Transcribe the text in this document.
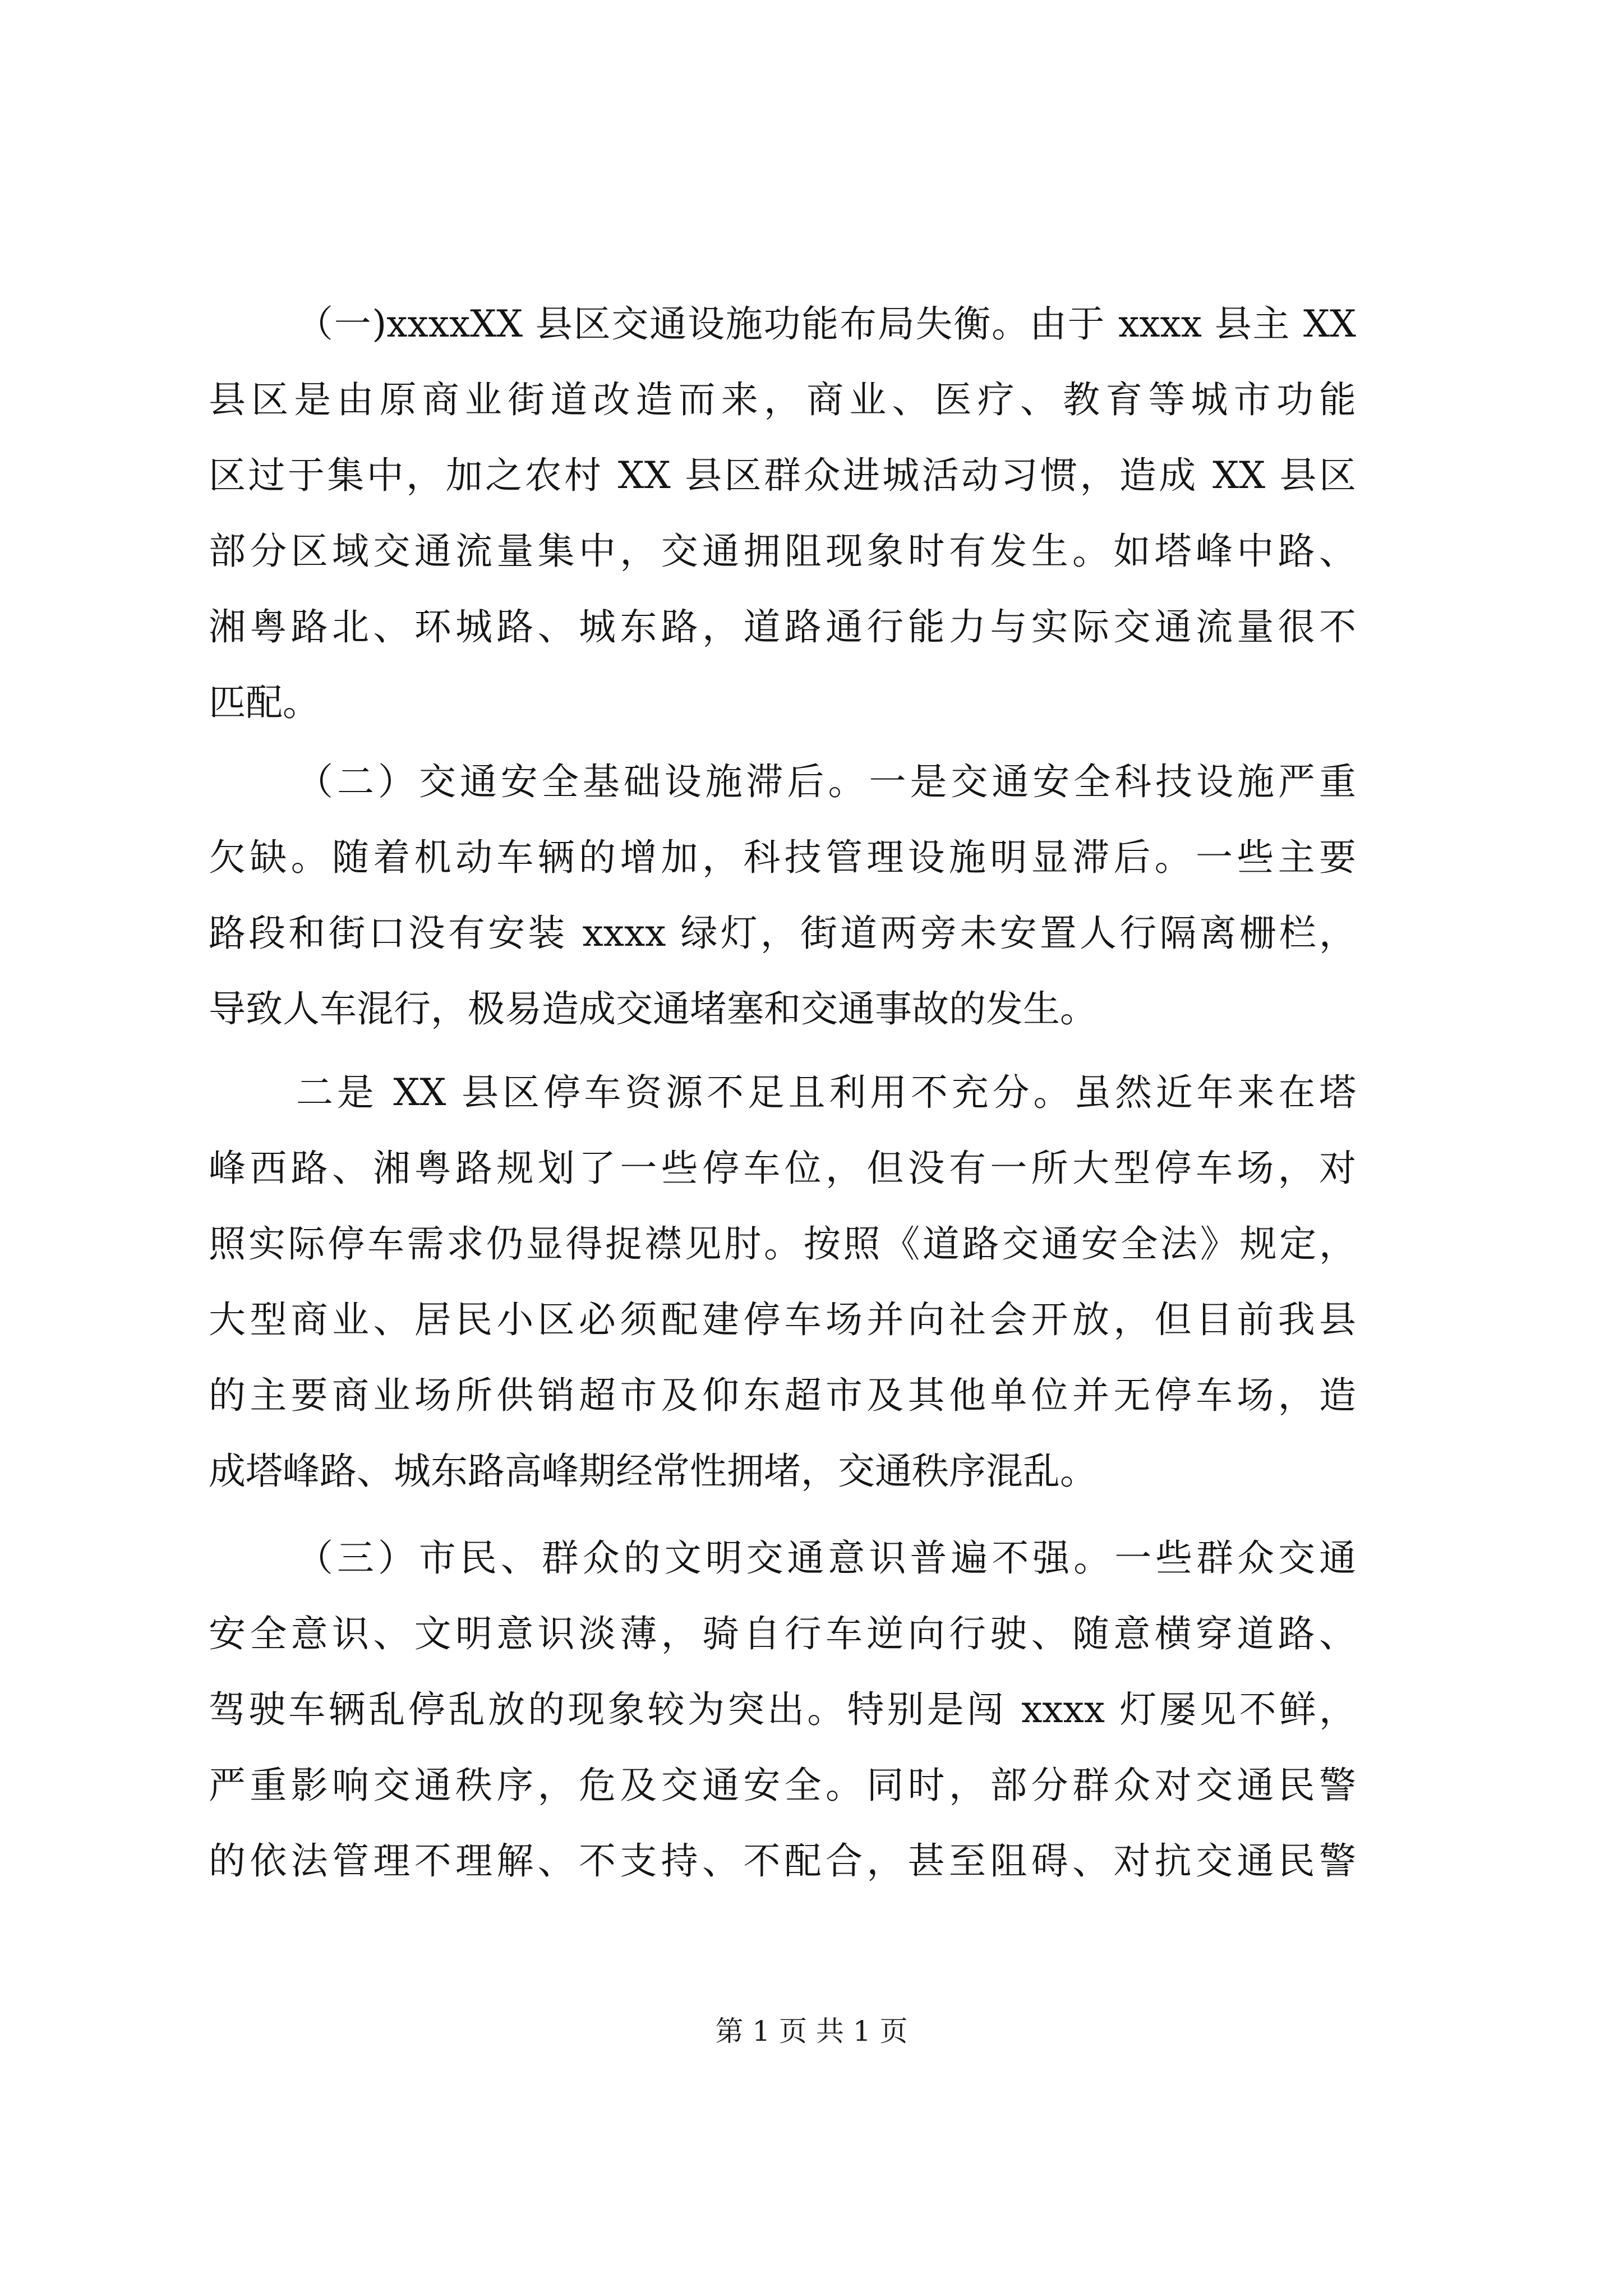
（一)xxxxXX 县区交通设施功能布局失衡。由于 xxxx 县主 XX
县区是由原商业街道改造而来，商业、医疗、教育等城市功能
区过于集中，加之农村 XX 县区群众进城活动习惯，造成 XX 县区
部分区域交通流量集中，交通拥阻现象时有发生。如塔峰中路、
湘粤路北、环城路、城东路，道路通行能力与实际交通流量很不
匹配。
（二）交通安全基础设施滞后。一是交通安全科技设施严重
欠缺。随着机动车辆的增加，科技管理设施明显滞后。一些主要
路段和街口没有安装 xxxx 绿灯，街道两旁未安置人行隔离栅栏，
导致人车混行，极易造成交通堵塞和交通事故的发生。
二是 XX 县区停车资源不足且利用不充分。虽然近年来在塔
峰西路、湘粤路规划了一些停车位，但没有一所大型停车场，对
照实际停车需求仍显得捉襟见肘。按照《道路交通安全法》规定，
大型商业、居民小区必须配建停车场并向社会开放，但目前我县
的主要商业场所供销超市及仰东超市及其他单位并无停车场，造
成塔峰路、城东路高峰期经常性拥堵，交通秩序混乱。
（三）市民、群众的文明交通意识普遍不强。一些群众交通
安全意识、文明意识淡薄，骑自行车逆向行驶、随意横穿道路、
驾驶车辆乱停乱放的现象较为突出。特别是闯 xxxx 灯屡见不鲜，
严重影响交通秩序，危及交通安全。同时，部分群众对交通民警
的依法管理不理解、不支持、不配合，甚至阻碍、对抗交通民警
第 1 页 共 1 页
